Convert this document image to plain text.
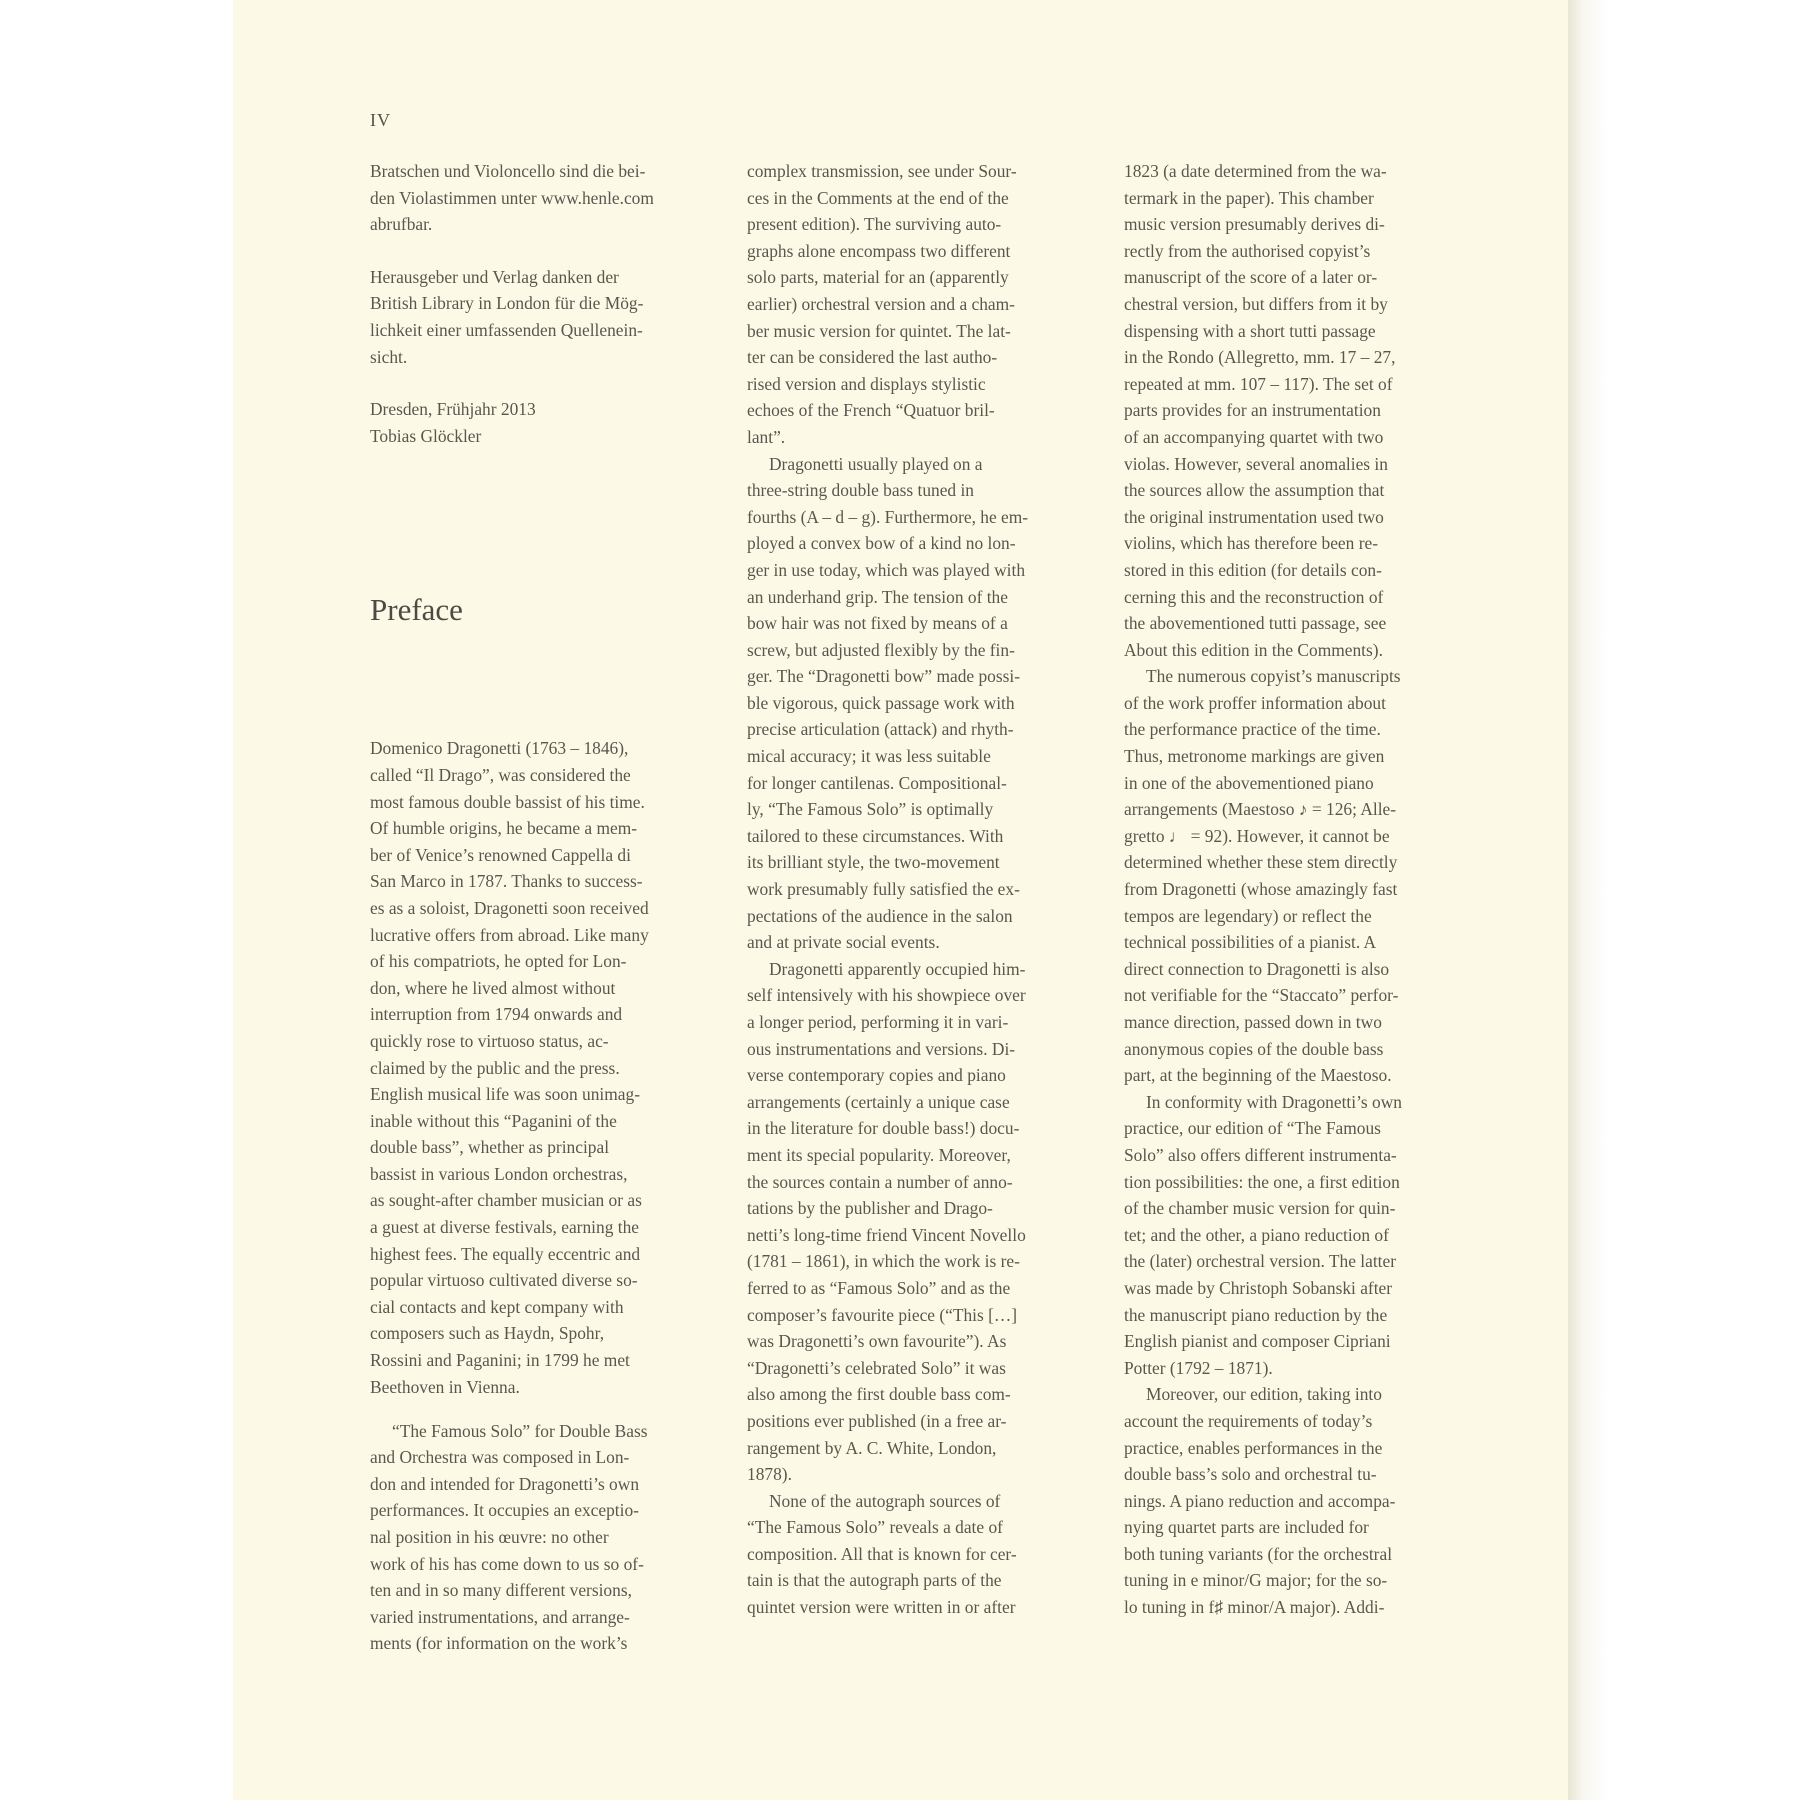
IV

Bratschen und Violoncello sind die bei-
den Violastimmen unter www.henle.com
abrufbar.

Herausgeber und Verlag danken der
British Library in London für die Mög-
lichkeit einer umfassenden Quellenein-
sicht.

Dresden, Frühjahr 2013
Tobias Glöckler

Preface

Domenico Dragonetti (1763 – 1846),
called “Il Drago”, was considered the
most famous double bassist of his time.
Of humble origins, he became a mem-
ber of Venice’s renowned Cappella di
San Marco in 1787. Thanks to success-
es as a soloist, Dragonetti soon received
lucrative offers from abroad. Like many
of his compatriots, he opted for Lon-
don, where he lived almost without
interruption from 1794 onwards and
quickly rose to virtuoso status, ac-
claimed by the public and the press.
English musical life was soon unimag-
inable without this “Paganini of the
double bass”, whether as principal
bassist in various London orchestras,
as sought-after chamber musician or as
a guest at diverse festivals, earning the
highest fees. The equally eccentric and
popular virtuoso cultivated diverse so-
cial contacts and kept company with
composers such as Haydn, Spohr,
Rossini and Paganini; in 1799 he met
Beethoven in Vienna.

“The Famous Solo” for Double Bass
and Orchestra was composed in Lon-
don and intended for Dragonetti’s own
performances. It occupies an exceptio-
nal position in his œuvre: no other
work of his has come down to us so of-
ten and in so many different versions,
varied instrumentations, and arrange-
ments (for information on the work’s

complex transmission, see under Sour-
ces in the Comments at the end of the
present edition). The surviving auto-
graphs alone encompass two different
solo parts, material for an (apparently
earlier) orchestral version and a cham-
ber music version for quintet. The lat-
ter can be considered the last autho-
rised version and displays stylistic
echoes of the French “Quatuor bril-
lant”.

Dragonetti usually played on a
three-string double bass tuned in
fourths (A – d – g). Furthermore, he em-
ployed a convex bow of a kind no lon-
ger in use today, which was played with
an underhand grip. The tension of the
bow hair was not fixed by means of a
screw, but adjusted flexibly by the fin-
ger. The “Dragonetti bow” made possi-
ble vigorous, quick passage work with
precise articulation (attack) and rhyth-
mical accuracy; it was less suitable
for longer cantilenas. Compositional-
ly, “The Famous Solo” is optimally
tailored to these circumstances. With
its brilliant style, the two-movement
work presumably fully satisfied the ex-
pectations of the audience in the salon
and at private social events.

Dragonetti apparently occupied him-
self intensively with his showpiece over
a longer period, performing it in vari-
ous instrumentations and versions. Di-
verse contemporary copies and piano
arrangements (certainly a unique case
in the literature for double bass!) docu-
ment its special popularity. Moreover,
the sources contain a number of anno-
tations by the publisher and Drago-
netti’s long-time friend Vincent Novello
(1781 – 1861), in which the work is re-
ferred to as “Famous Solo” and as the
composer’s favourite piece (“This […]
was Dragonetti’s own favourite”). As
“Dragonetti’s celebrated Solo” it was
also among the first double bass com-
positions ever published (in a free ar-
rangement by A. C. White, London,
1878).

None of the autograph sources of
“The Famous Solo” reveals a date of
composition. All that is known for cer-
tain is that the autograph parts of the
quintet version were written in or after

1823 (a date determined from the wa-
termark in the paper). This chamber
music version presumably derives di-
rectly from the authorised copyist’s
manuscript of the score of a later or-
chestral version, but differs from it by
dispensing with a short tutti passage
in the Rondo (Allegretto, mm. 17 – 27,
repeated at mm. 107 – 117). The set of
parts provides for an instrumentation
of an accompanying quartet with two
violas. However, several anomalies in
the sources allow the assumption that
the original instrumentation used two
violins, which has therefore been re-
stored in this edition (for details con-
cerning this and the reconstruction of
the abovementioned tutti passage, see
About this edition in the Comments).

The numerous copyist’s manuscripts
of the work proffer information about
the performance practice of the time.
Thus, metronome markings are given
in one of the abovementioned piano
arrangements (Maestoso ♪ = 126; Alle-
gretto ♩ = 92). However, it cannot be
determined whether these stem directly
from Dragonetti (whose amazingly fast
tempos are legendary) or reflect the
technical possibilities of a pianist. A
direct connection to Dragonetti is also
not verifiable for the “Staccato” perfor-
mance direction, passed down in two
anonymous copies of the double bass
part, at the beginning of the Maestoso.

In conformity with Dragonetti’s own
practice, our edition of “The Famous
Solo” also offers different instrumenta-
tion possibilities: the one, a first edition
of the chamber music version for quin-
tet; and the other, a piano reduction of
the (later) orchestral version. The latter
was made by Christoph Sobanski after
the manuscript piano reduction by the
English pianist and composer Cipriani
Potter (1792 – 1871).

Moreover, our edition, taking into
account the requirements of today’s
practice, enables performances in the
double bass’s solo and orchestral tu-
nings. A piano reduction and accompa-
nying quartet parts are included for
both tuning variants (for the orchestral
tuning in e minor/G major; for the so-
lo tuning in f♯ minor/A major). Addi-
